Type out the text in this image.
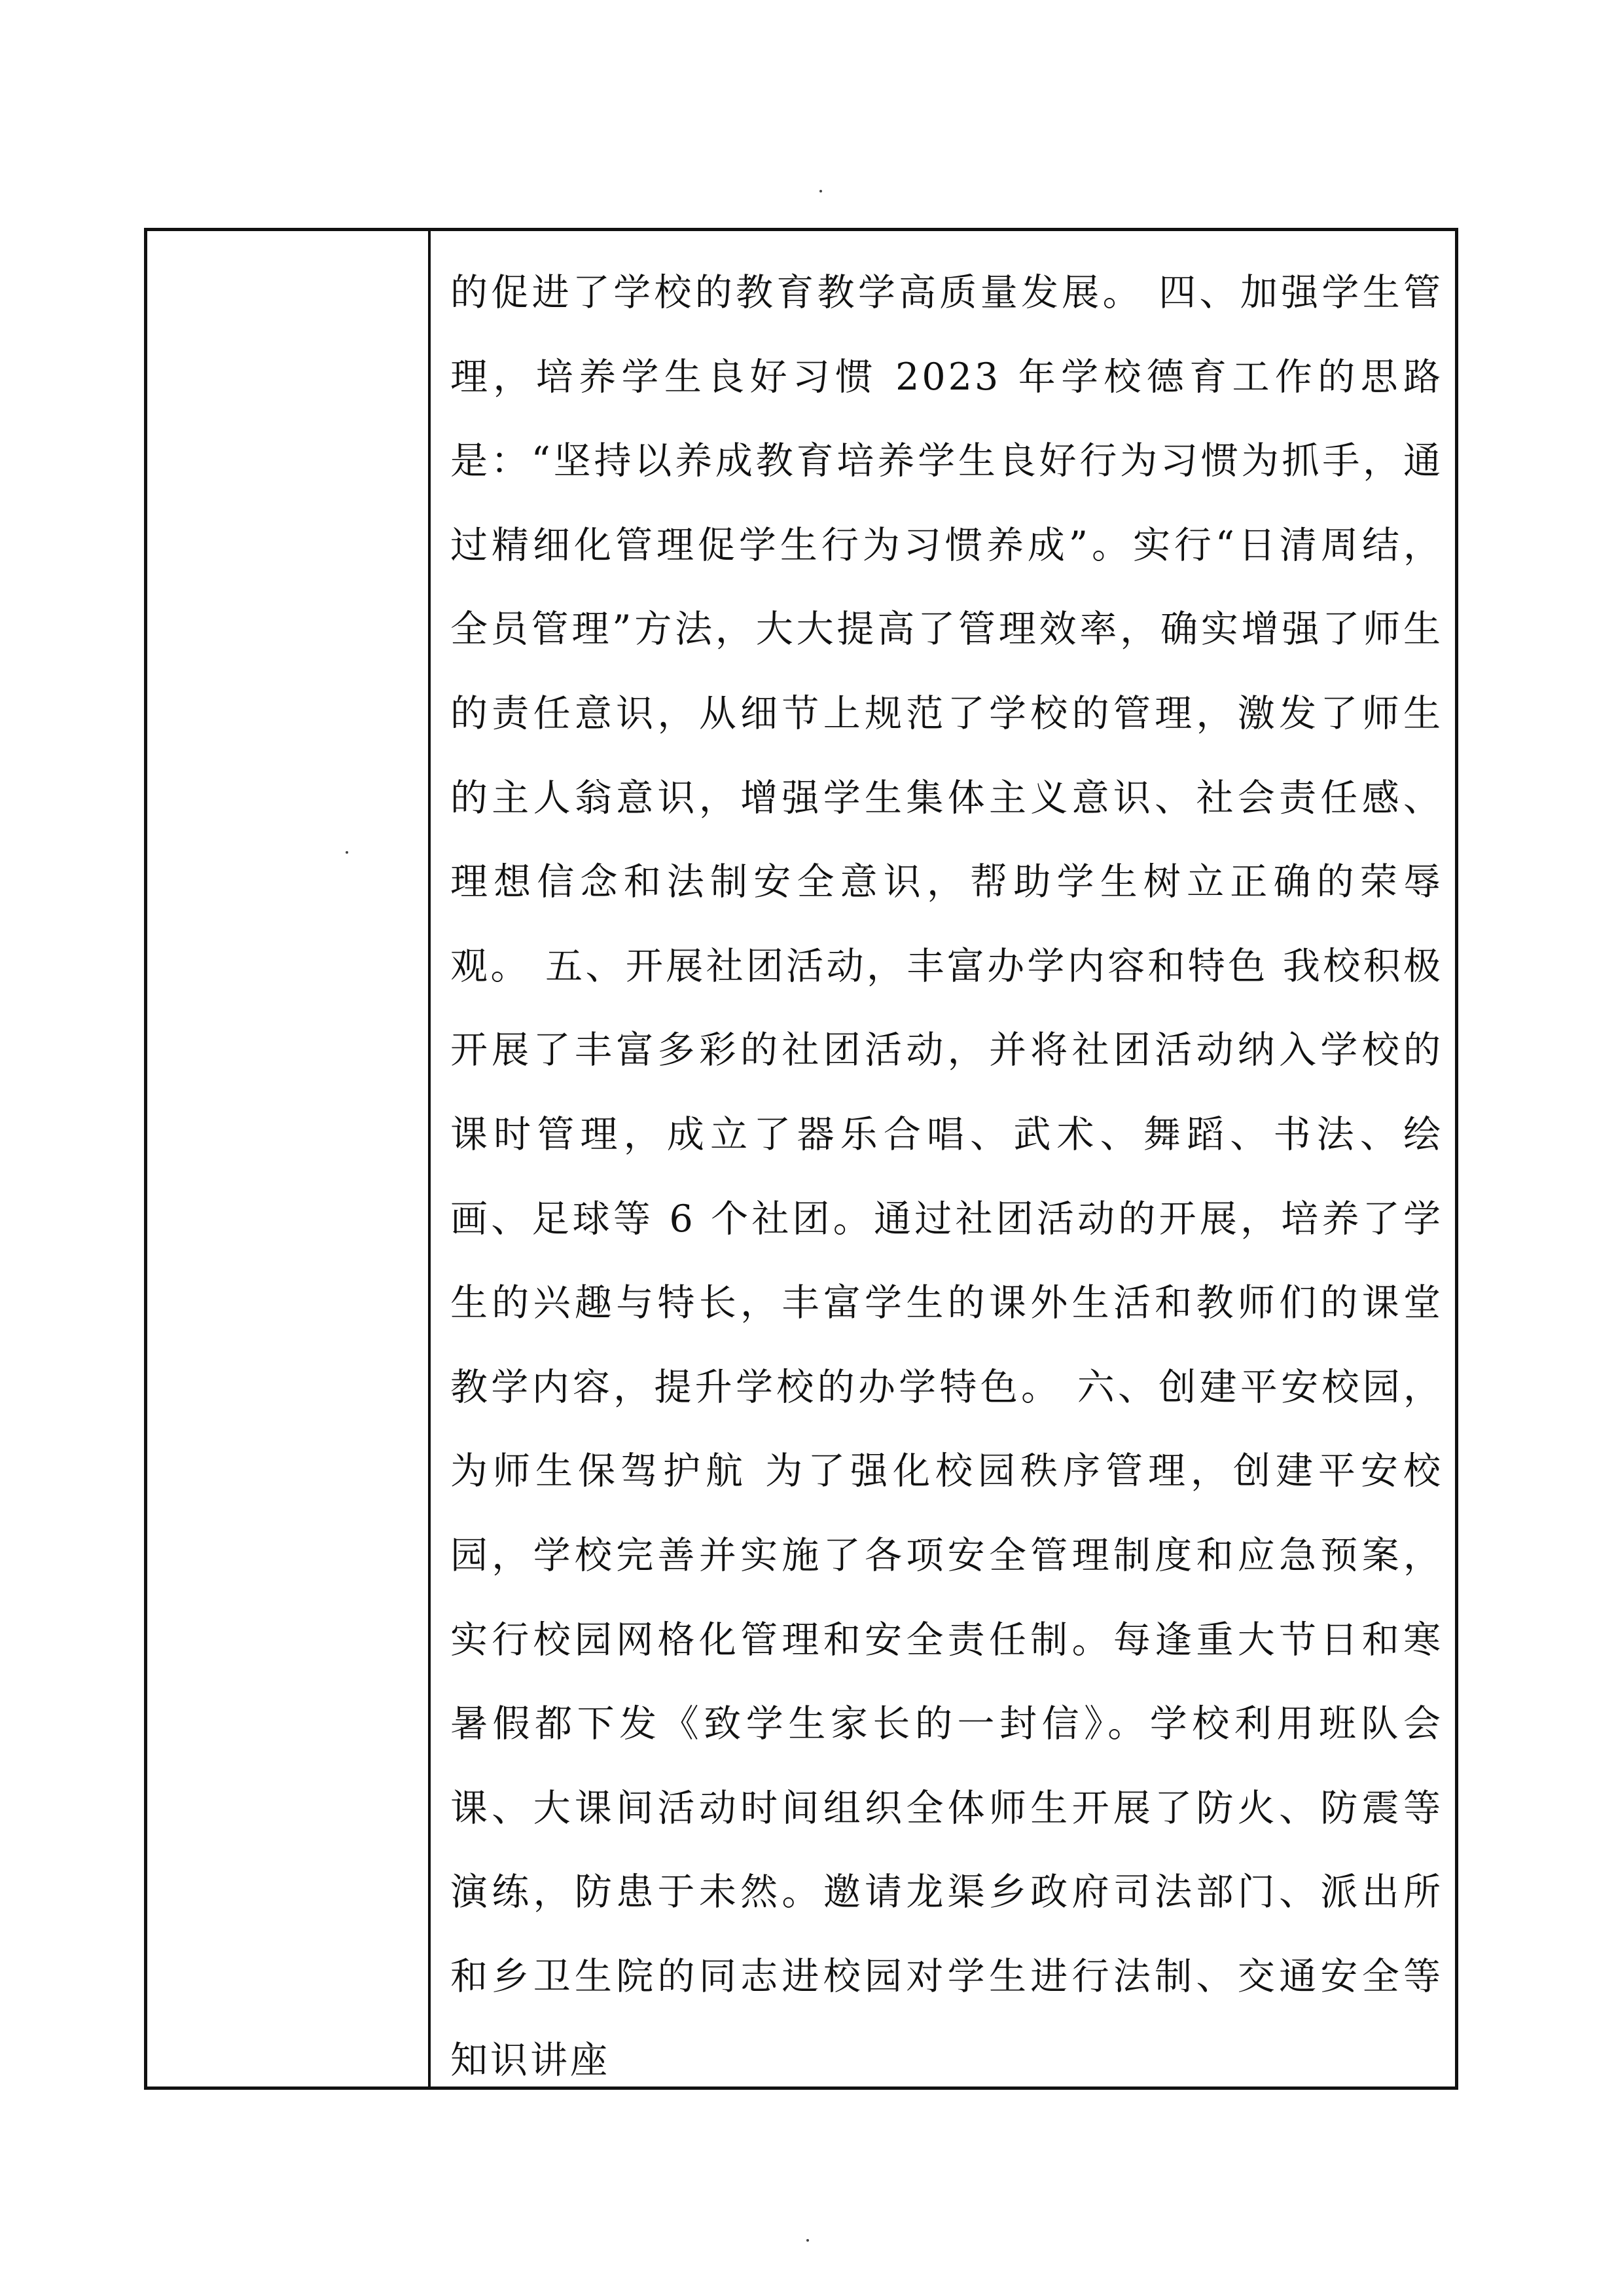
的促进了学校的教育教学高质量发展。 四、加强学生管理，培养学生良好习惯 2023 年学校德育工作的思路是：“坚持以养成教育培养学生良好行为习惯为抓手，通过精细化管理促学生行为习惯养成”。实行“日清周结，全员管理”方法，大大提高了管理效率，确实增强了师生的责任意识，从细节上规范了学校的管理，激发了师生的主人翁意识，增强学生集体主义意识、社会责任感、理想信念和法制安全意识，帮助学生树立正确的荣辱观。 五、开展社团活动，丰富办学内容和特色 我校积极开展了丰富多彩的社团活动，并将社团活动纳入学校的课时管理，成立了器乐合唱、武术、舞蹈、书法、绘画、足球等 6 个社团。通过社团活动的开展，培养了学生的兴趣与特长，丰富学生的课外生活和教师们的课堂教学内容，提升学校的办学特色。 六、创建平安校园，为师生保驾护航 为了强化校园秩序管理，创建平安校园，学校完善并实施了各项安全管理制度和应急预案，实行校园网格化管理和安全责任制。每逢重大节日和寒暑假都下发《致学生家长的一封信》。学校利用班队会课、大课间活动时间组织全体师生开展了防火、防震等演练，防患于未然。邀请龙渠乡政府司法部门、派出所和乡卫生院的同志进校园对学生进行法制、交通安全等知识讲座
